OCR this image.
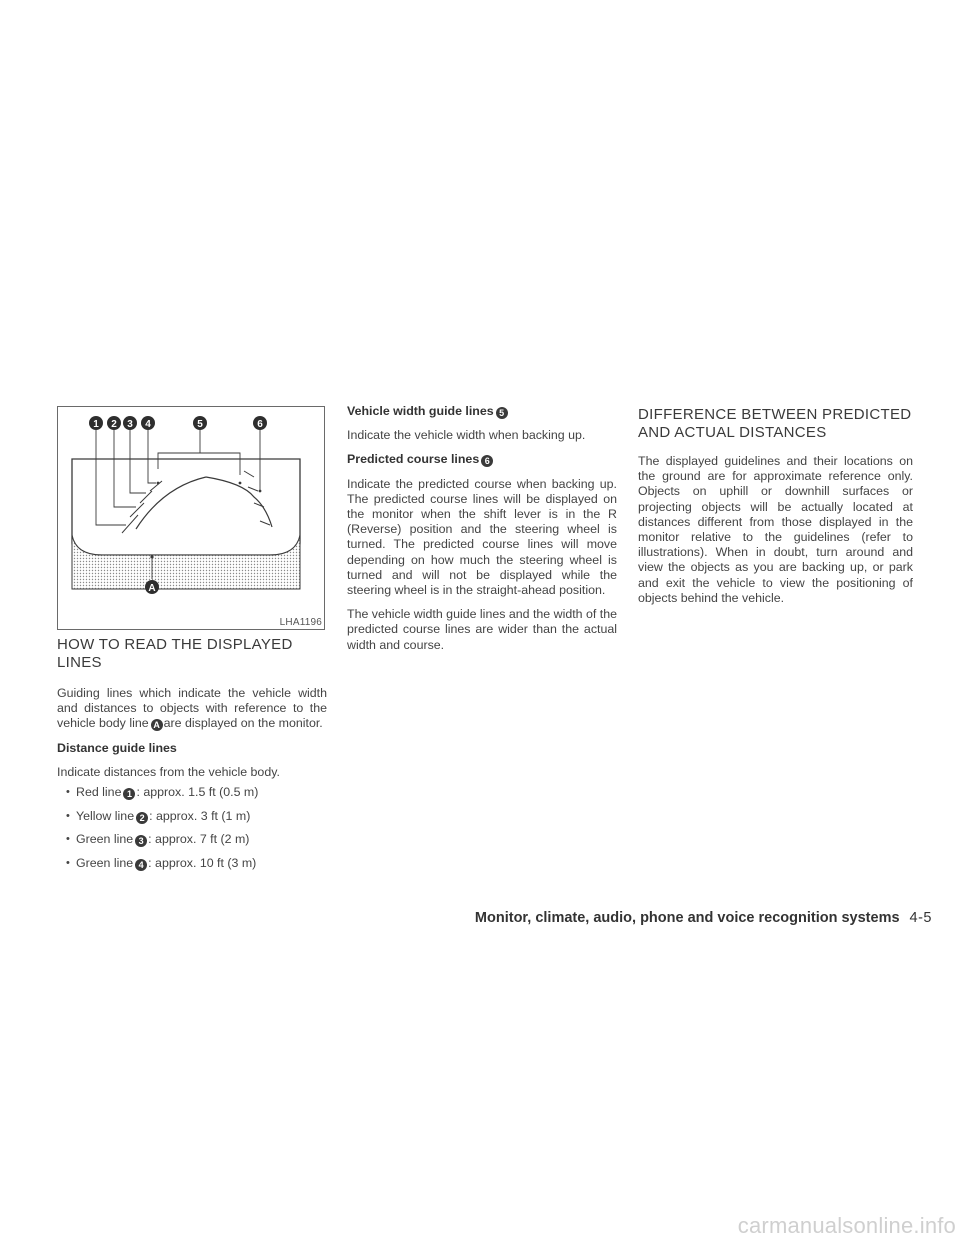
1 2 3 4	5	6
A
LHA1196
HOW TO READ THE DISPLAYED LINES

Guiding lines which indicate the vehicle width and distances to objects with reference to the vehicle body line A are displayed on the monitor.

Distance guide lines

Indicate distances from the vehicle body.

• Red line 1 : approx. 1.5 ft (0.5 m)
• Yellow line 2 : approx. 3 ft (1 m)
• Green line 3 : approx. 7 ft (2 m)
• Green line 4 : approx. 10 ft (3 m)

Vehicle width guide lines 5

Indicate the vehicle width when backing up.

Predicted course lines 6

Indicate the predicted course when backing up. The predicted course lines will be displayed on the monitor when the shift lever is in the R (Reverse) position and the steering wheel is turned. The predicted course lines will move depending on how much the steering wheel is turned and will not be displayed while the steering wheel is in the straight-ahead position.

The vehicle width guide lines and the width of the predicted course lines are wider than the actual width and course.

DIFFERENCE BETWEEN PREDICTED AND ACTUAL DISTANCES

The displayed guidelines and their locations on the ground are for approximate reference only. Objects on uphill or downhill surfaces or projecting objects will be actually located at distances different from those displayed in the monitor relative to the guidelines (refer to illustrations). When in doubt, turn around and view the objects as you are backing up, or park and exit the vehicle to view the positioning of objects behind the vehicle.

Monitor, climate, audio, phone and voice recognition systems 4-5
carmanualsonline.info
